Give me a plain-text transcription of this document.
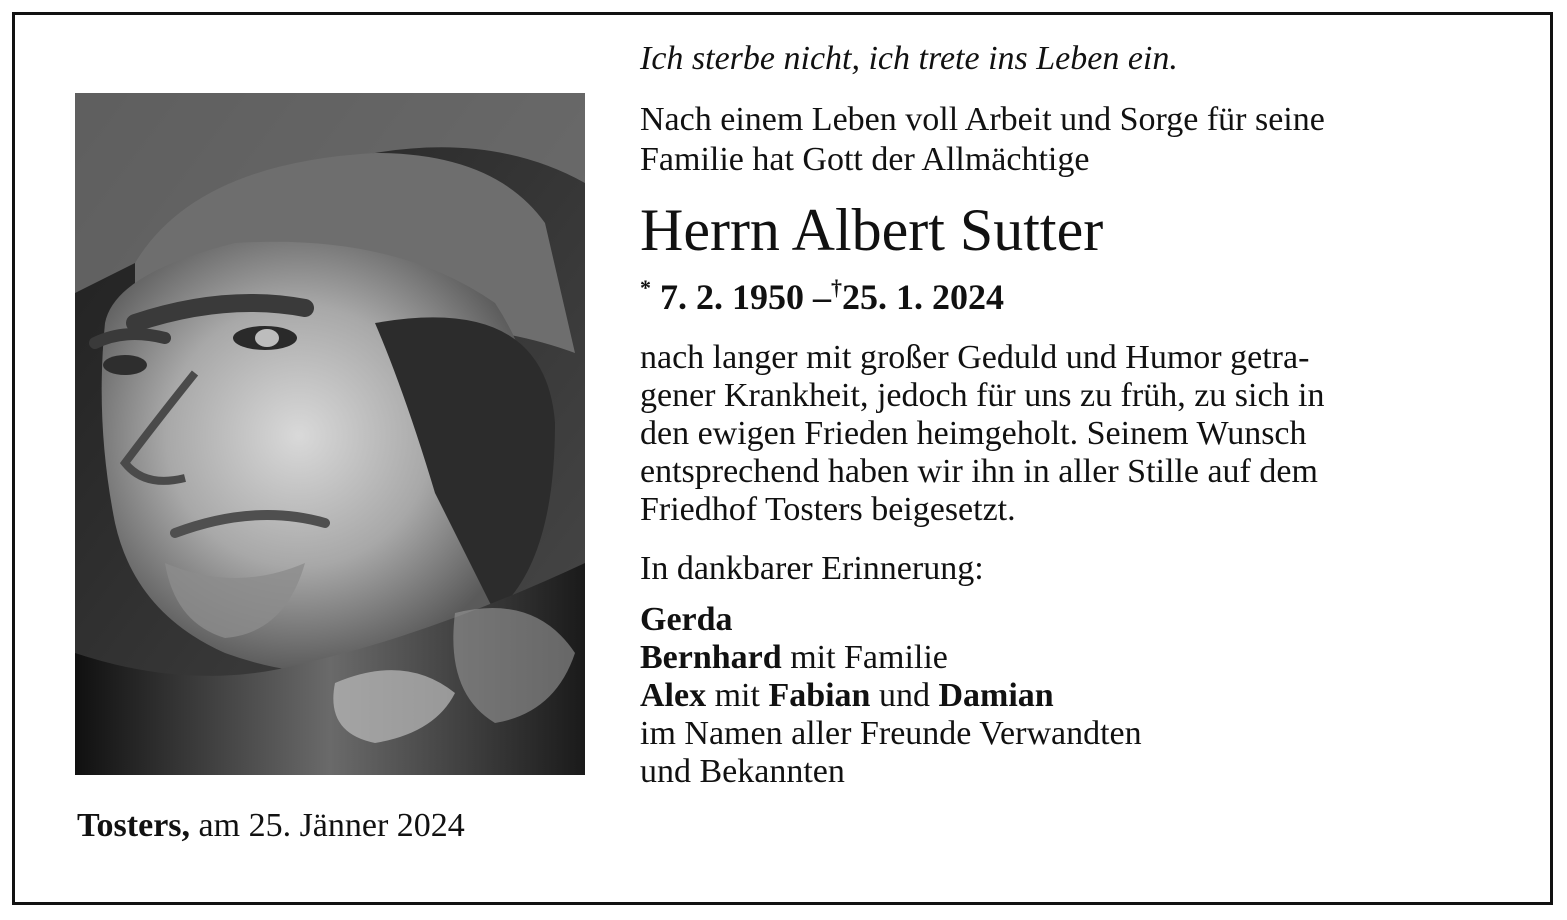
Tosters, am 25. Jänner 2024
Ich sterbe nicht, ich trete ins Leben ein.
Nach einem Leben voll Arbeit und Sorge für seine
Familie hat Gott der Allmächtige
Herrn Albert Sutter
* 7. 2. 1950 –†25. 1. 2024
nach langer mit großer Geduld und Humor getra-
gener Krankheit, jedoch für uns zu früh, zu sich in
den ewigen Frieden heimgeholt. Seinem Wunsch
entsprechend haben wir ihn in aller Stille auf dem
Friedhof Tosters beigesetzt.
In dankbarer Erinnerung:
Gerda
Bernhard mit Familie
Alex mit Fabian und Damian
im Namen aller Freunde Verwandten
und Bekannten
